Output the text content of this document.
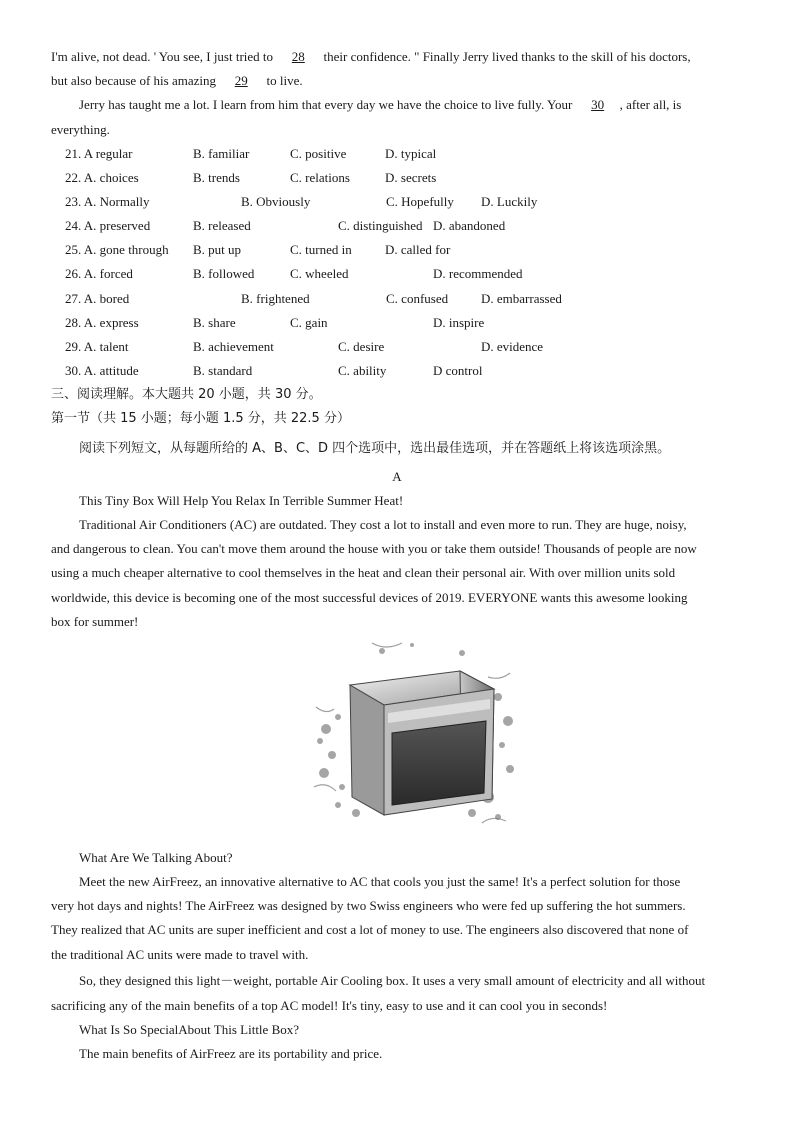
I'm alive, not dead. ' You see, I just tried to 28 their confidence. " Finally Jerry lived thanks to the skill of his doctors,
but also because of his amazing 29 to live.
Jerry has taught me a lot. I learn from him that every day we have the choice to live fully. Your 30 , after all, is
everything.
21. A regular	B. familiar	C. positive	D. typical
22. A. choices	B. trends	C. relations	D. secrets
23. A. Normally	B. Obviously	C. Hopefully D. Luckily
24. A. preserved	B. released	C. distinguished D. abandoned
25. A. gone through B. put up	C. turned in	D. called for
26. A. forced	B. followed	C. wheeled	D. recommended
27. A. bored	B. frightened	C. confused	D. embarrassed
28. A. express	B. share	C. gain	D. inspire
29. A. talent	B. achievement	C. desire	D. evidence
30. A. attitude	B. standard	C. ability	D control
三、阅读理解。本大题共 20 小题，共 30 分。
第一节（共 15 小题；每小题 1.5 分，共 22.5 分）
阅读下列短文，从每题所给的 A、B、C、D 四个选项中，选出最佳选项，并在答题纸上将该选项涂黑。
A
This Tiny Box Will Help You Relax In Terrible Summer Heat!
Traditional Air Conditioners (AC) are outdated. They cost a lot to install and even more to run. They are huge, noisy,
and dangerous to clean. You can't move them around the house with you or take them outside! Thousands of people are now
using a much cheaper alternative to cool themselves in the heat and clean their personal air. With over million units sold
worldwide, this device is becoming one of the most successful devices of 2019. EVERYONE wants this awesome looking
box for summer!
What Are We Talking About?
Meet the new AirFreez, an innovative alternative to AC that cools you just the same! It's a perfect solution for those
very hot days and nights! The AirFreez was designed by two Swiss engineers who were fed up suffering the hot summers.
They realized that AC units are super inefficient and cost a lot of money to use. The engineers also discovered that none of
the traditional AC units were made to travel with.
So, they designed this light－weight, portable Air Cooling box. It uses a very small amount of electricity and all without
sacrificing any of the main benefits of a top AC model! It's tiny, easy to use and it can cool you in seconds!
What Is So SpecialAbout This Little Box?
The main benefits of AirFreez are its portability and price.
